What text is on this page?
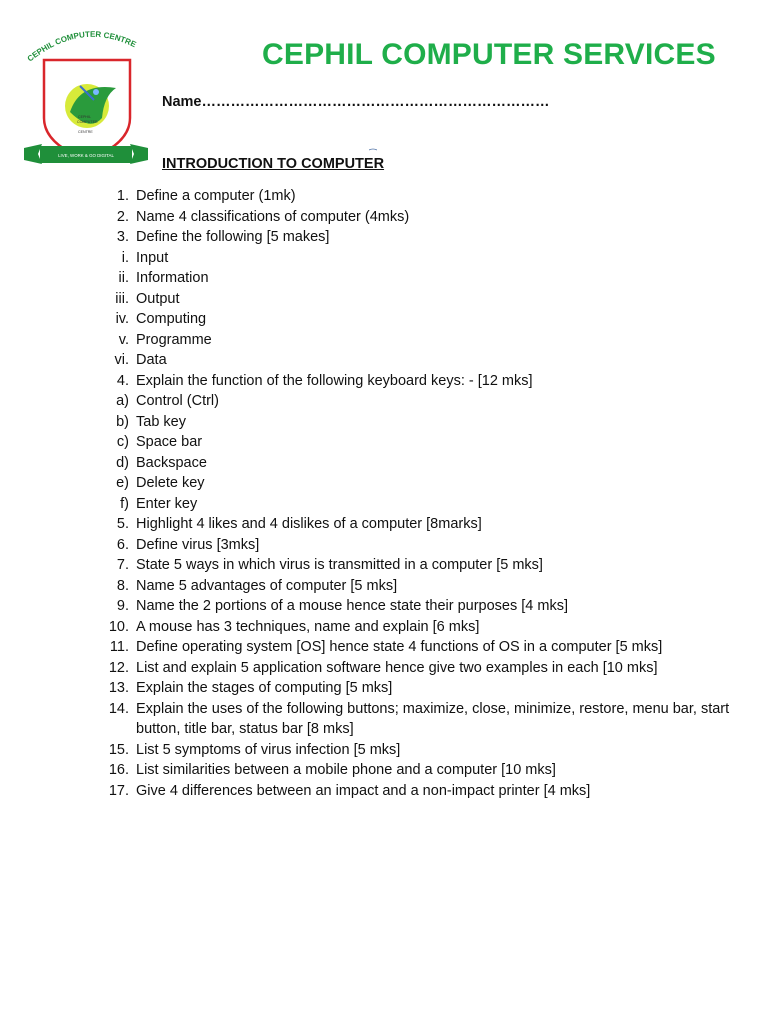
CEPHIL COMPUTER CENTRE
CEPHIL
COMPUTER
CENTRE
LIVE, WORK & GO DIGITAL
CEPHIL COMPUTER SERVICES
Name………………………………………………………………
INTRODUCTION TO COMPUTER
1. Define a computer (1mk)
2. Name 4 classifications of computer (4mks)
3. Define the following [5 makes]
i. Input
ii. Information
iii. Output
iv. Computing
v. Programme
vi. Data
4. Explain the function of the following keyboard keys: - [12 mks]
a) Control (Ctrl)
b) Tab key
c) Space bar
d) Backspace
e) Delete key
f) Enter key
5. Highlight 4 likes and 4 dislikes of a computer [8marks]
6. Define virus [3mks]
7. State 5 ways in which virus is transmitted in a computer [5 mks]
8. Name 5 advantages of computer [5 mks]
9. Name the 2 portions of a mouse hence state their purposes [4 mks]
10. A mouse has 3 techniques, name and explain [6 mks]
11. Define operating system [OS] hence state 4 functions of OS in a computer [5 mks]
12. List and explain 5 application software hence give two examples in each [10 mks]
13. Explain the stages of computing [5 mks]
14. Explain the uses of the following buttons; maximize, close, minimize, restore, menu bar, start button, title bar, status bar [8 mks]
15. List 5 symptoms of virus infection [5 mks]
16. List similarities between a mobile phone and a computer [10 mks]
17. Give 4 differences between an impact and a non-impact printer [4 mks]
